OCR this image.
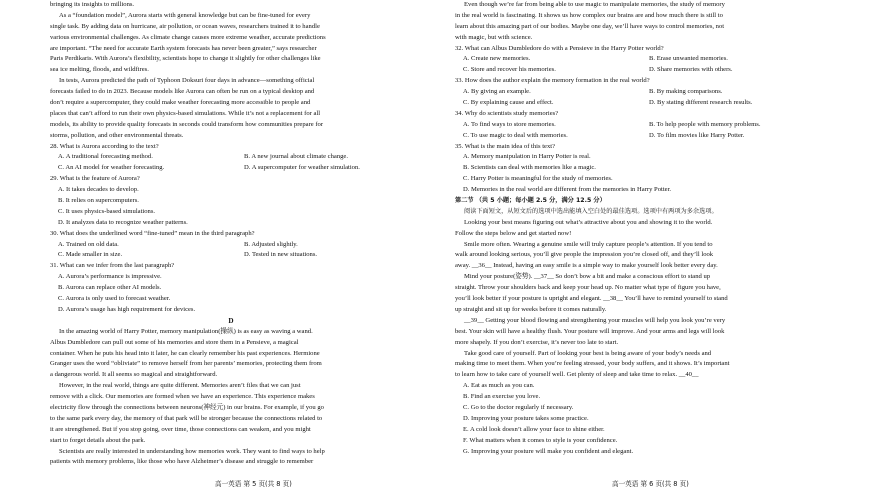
bringing its insights to millions.
As a “foundation model”, Aurora starts with general knowledge but can be fine-tuned for every
single task. By adding data on hurricane, air pollution, or ocean waves, researchers trained it to handle
various environmental challenges. As climate change causes more extreme weather, accurate predictions
are important. “The need for accurate Earth system forecasts has never been greater,” says researcher
Paris Perdikaris. With Aurora’s flexibility, scientists hope to change it slightly for other challenges like
sea ice melting, floods, and wildfires.
In tests, Aurora predicted the path of Typhoon Doksuri four days in advance—something official
forecasts failed to do in 2023. Because models like Aurora can often be run on a typical desktop and
don’t require a supercomputer, they could make weather forecasting more accessible to people and
places that can’t afford to run their own physics-based simulations. While it’s not a replacement for all
models, its ability to provide quality forecasts in seconds could transform how communities prepare for
storms, pollution, and other environmental threats.
28. What is Aurora according to the text?
A. A traditional forecasting method.	B. A new journal about climate change.
C. An AI model for weather forecasting.	D. A supercomputer for weather simulation.
29. What is the feature of Aurora?
A. It takes decades to develop.
B. It relies on supercomputers.
C. It uses physics-based simulations.
D. It analyzes data to recognize weather patterns.
30. What does the underlined word “fine-tuned” mean in the third paragraph?
A. Trained on old data.	B. Adjusted slightly.
C. Made smaller in size.	D. Tested in new situations.
31. What can we infer from the last paragraph?
A. Aurora’s performance is impressive.
B. Aurora can replace other AI models.
C. Aurora is only used to forecast weather.
D. Aurora’s usage has high requirement for devices.
D
In the amazing world of Harry Potter, memory manipulation(操纵) is as easy as waving a wand.
Albus Dumbledore can pull out some of his memories and store them in a Pensieve, a magical
container. When he puts his head into it later, he can clearly remember his past experiences. Hermione
Granger uses the word “obliviate” to remove herself from her parents’ memories, protecting them from
a dangerous world. It all seems so magical and straightforward.
However, in the real world, things are quite different. Memories aren’t files that we can just
remove with a click. Our memories are formed when we have an experience. This experience makes
electricity flow through the connections between neurons(神经元) in our brains. For example, if you go
to the same park every day, the memory of that park will be stronger because the connections related to
it are strengthened. But if you stop going, over time, those connections can weaken, and you might
start to forget details about the park.
Scientists are really interested in understanding how memories work. They want to find ways to help
patients with memory problems, like those who have Alzheimer’s disease and struggle to remember
Even though we’re far from being able to use magic to manipulate memories, the study of memory
in the real world is fascinating. It shows us how complex our brains are and how much there is still to
learn about this amazing part of our bodies. Maybe one day, we’ll have ways to control memories, not
with magic, but with science.
32. What can Albus Dumbledore do with a Pensieve in the Harry Potter world?
A. Create new memories.	B. Erase unwanted memories.
C. Store and recover his memories.	D. Share memories with others.
33. How does the author explain the memory formation in the real world?
A. By giving an example.	B. By making comparisons.
C. By explaining cause and effect.	D. By stating different research results.
34. Why do scientists study memories?
A. To find ways to store memories.	B. To help people with memory problems.
C. To use magic to deal with memories.	D. To film movies like Harry Potter.
35. What is the main idea of this text?
A. Memory manipulation in Harry Potter is real.
B. Scientists can deal with memories like a magic.
C. Harry Potter is meaningful for the study of memories.
D. Memories in the real world are different from the memories in Harry Potter.
第二节 （共 5 小题；每小题 2.5 分，满分 12.5 分）
阅读下面短文，从短文后的选项中选出能填入空白处的最佳选项。选项中有两项为多余选项。
Looking your best means figuring out what’s attractive about you and showing it to the world.
Follow the steps below and get started now!
Smile more often. Wearing a genuine smile will truly capture people’s attention. If you tend to
walk around looking serious, you’ll give people the impression you’re closed off, and they’ll look
away. __36__ Instead, having an easy smile is a simple way to make yourself look better every day.
Mind your posture(姿势). __37__ So don’t bow a bit and make a conscious effort to stand up
straight. Throw your shoulders back and keep your head up. No matter what type of figure you have,
you’ll look better if your posture is upright and elegant. __38__ You’ll have to remind yourself to stand
up straight and sit up for weeks before it comes naturally.
__39__ Getting your blood flowing and strengthening your muscles will help you look you’re very
best. Your skin will have a healthy flush. Your posture will improve. And your arms and legs will look
more shapely. If you don’t exercise, it’s never too late to start.
Take good care of yourself. Part of looking your best is being aware of your body’s needs and
making time to meet them. When you’re feeling stressed, your body suffers, and it shows. It’s important
to learn how to take care of yourself well. Get plenty of sleep and take time to relax. __40__
A. Eat as much as you can.
B. Find an exercise you love.
C. Go to the doctor regularly if necessary.
D. Improving your posture takes some practice.
E. A cold look doesn’t allow your face to shine either.
F. What matters when it comes to style is your confidence.
G. Improving your posture will make you confident and elegant.
高一英语 第 5 页(共 8 页)	高一英语 第 6 页(共 8 页)
